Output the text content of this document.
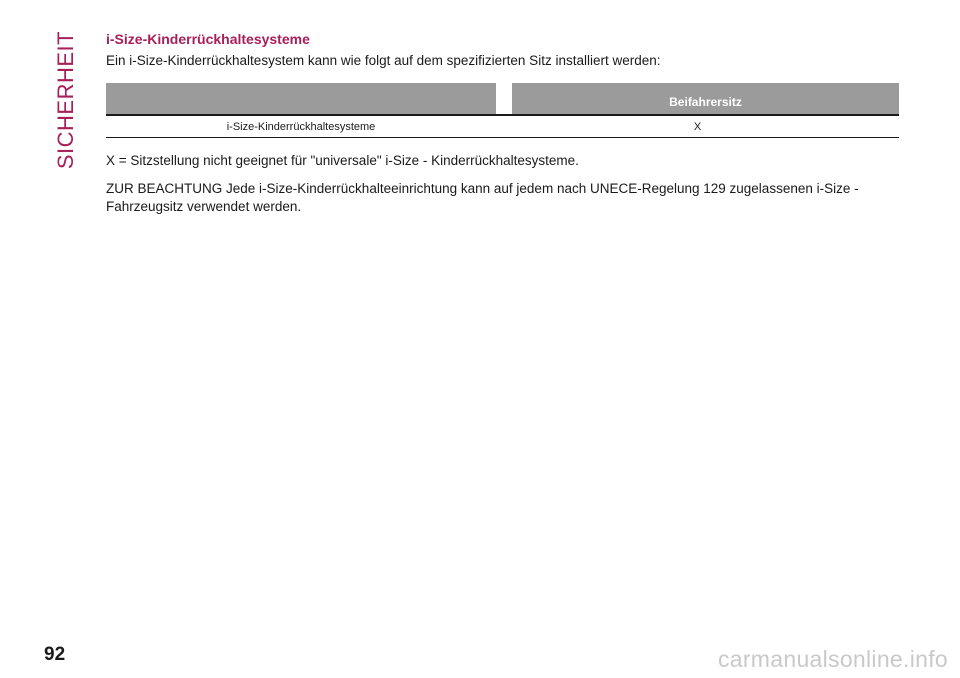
SICHERHEIT i-Size-Kinderrückhaltesysteme

Ein i-Size-Kinderrückhaltesystem kann wie folgt auf dem spezifizierten Sitz installiert werden:

Beifahrersitz
i-Size-Kinderrückhaltesysteme	X

X = Sitzstellung nicht geeignet für "universale" i-Size - Kinderrückhaltesysteme.

ZUR BEACHTUNG Jede i-Size-Kinderrückhalteeinrichtung kann auf jedem nach UNECE-Regelung 129 zugelassenen i-Size - Fahrzeugsitz verwendet werden.

92	carmanualsonline.info
